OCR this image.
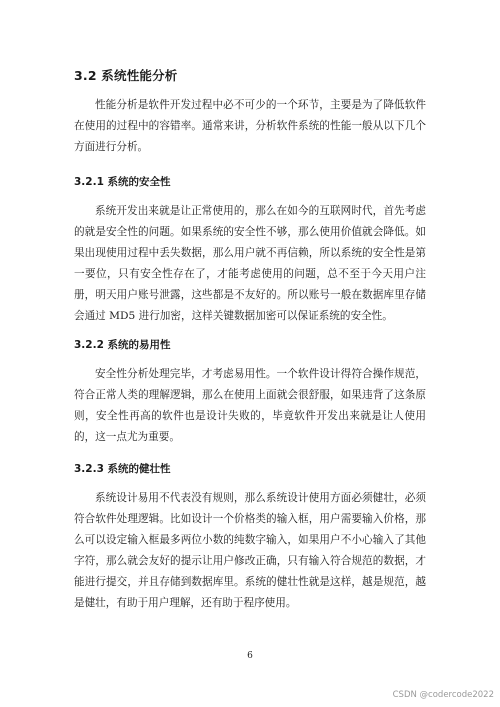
3.2 系统性能分析

性能分析是软件开发过程中必不可少的一个环节，主要是为了降低软件在使用的过程中的容错率。通常来讲，分析软件系统的性能一般从以下几个方面进行分析。

3.2.1 系统的安全性

系统开发出来就是让正常使用的，那么在如今的互联网时代，首先考虑的就是安全性的问题。如果系统的安全性不够，那么使用价值就会降低。如果出现使用过程中丢失数据，那么用户就不再信赖，所以系统的安全性是第一要位，只有安全性存在了，才能考虑使用的问题，总不至于今天用户注册，明天用户账号泄露，这些都是不友好的。所以账号一般在数据库里存储会通过 MD5 进行加密，这样关键数据加密可以保证系统的安全性。

3.2.2 系统的易用性

安全性分析处理完毕，才考虑易用性。一个软件设计得符合操作规范，符合正常人类的理解逻辑，那么在使用上面就会很舒服，如果违背了这条原则，安全性再高的软件也是设计失败的，毕竟软件开发出来就是让人使用的，这一点尤为重要。

3.2.3 系统的健壮性

系统设计易用不代表没有规则，那么系统设计使用方面必须健壮，必须符合软件处理逻辑。比如设计一个价格类的输入框，用户需要输入价格，那么可以设定输入框最多两位小数的纯数字输入，如果用户不小心输入了其他字符，那么就会友好的提示让用户修改正确，只有输入符合规范的数据，才能进行提交，并且存储到数据库里。系统的健壮性就是这样，越是规范，越是健壮，有助于用户理解，还有助于程序使用。

6
CSDN @codercode2022
